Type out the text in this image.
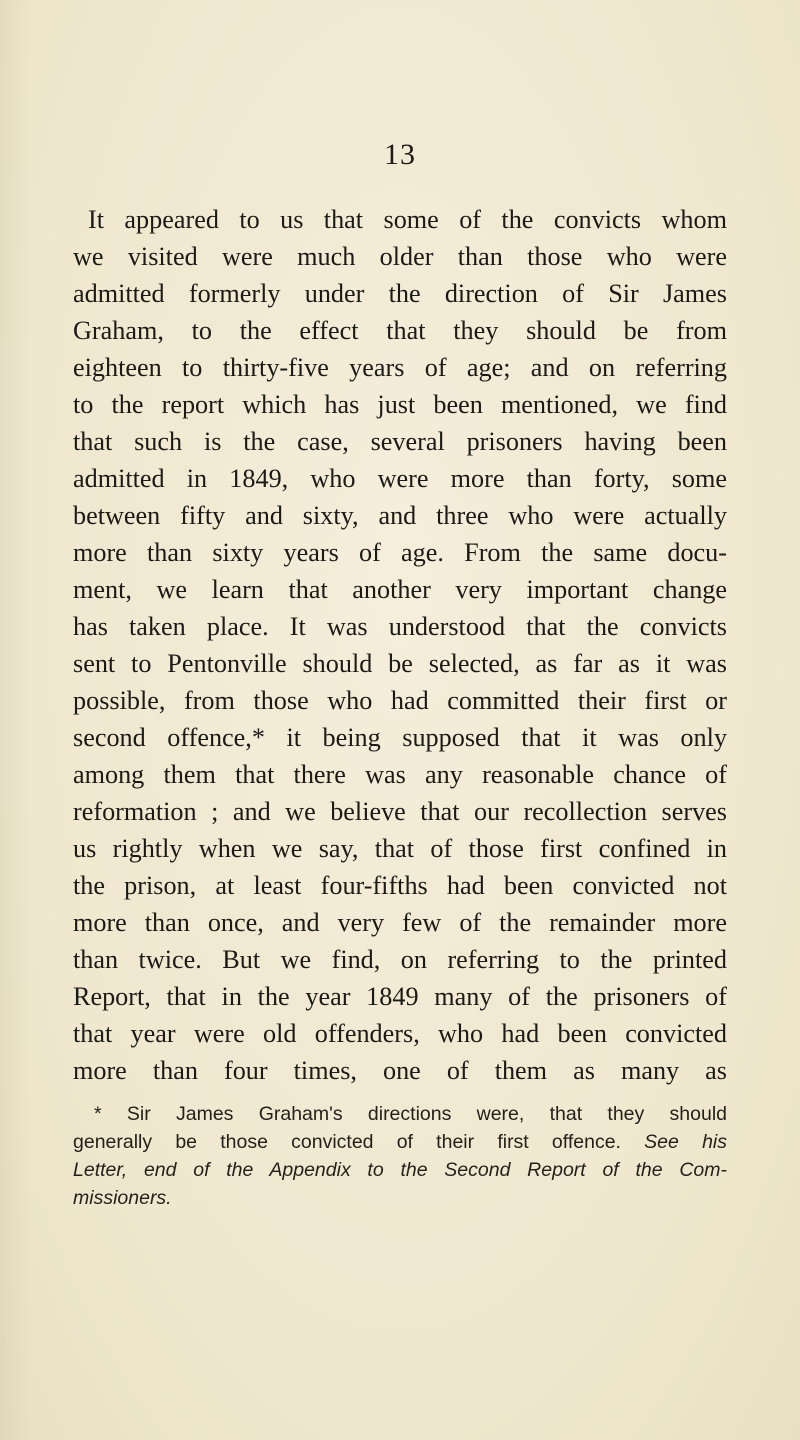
13
It appeared to us that some of the convicts whom
we visited were much older than those who were
admitted formerly under the direction of Sir James
Graham, to the effect that they should be from
eighteen to thirty-five years of age; and on referring
to the report which has just been mentioned, we find
that such is the case, several prisoners having been
admitted in 1849, who were more than forty, some
between fifty and sixty, and three who were actually
more than sixty years of age. From the same docu-
ment, we learn that another very important change
has taken place. It was understood that the convicts
sent to Pentonville should be selected, as far as it was
possible, from those who had committed their first or
second offence,* it being supposed that it was only
among them that there was any reasonable chance of
reformation ; and we believe that our recollection serves
us rightly when we say, that of those first confined in
the prison, at least four-fifths had been convicted not
more than once, and very few of the remainder more
than twice. But we find, on referring to the printed
Report, that in the year 1849 many of the prisoners of
that year were old offenders, who had been convicted
more than four times, one of them as many as
* Sir James Graham's directions were, that they should
generally be those convicted of their first offence. See his
Letter, end of the Appendix to the Second Report of the Com-
missioners.
